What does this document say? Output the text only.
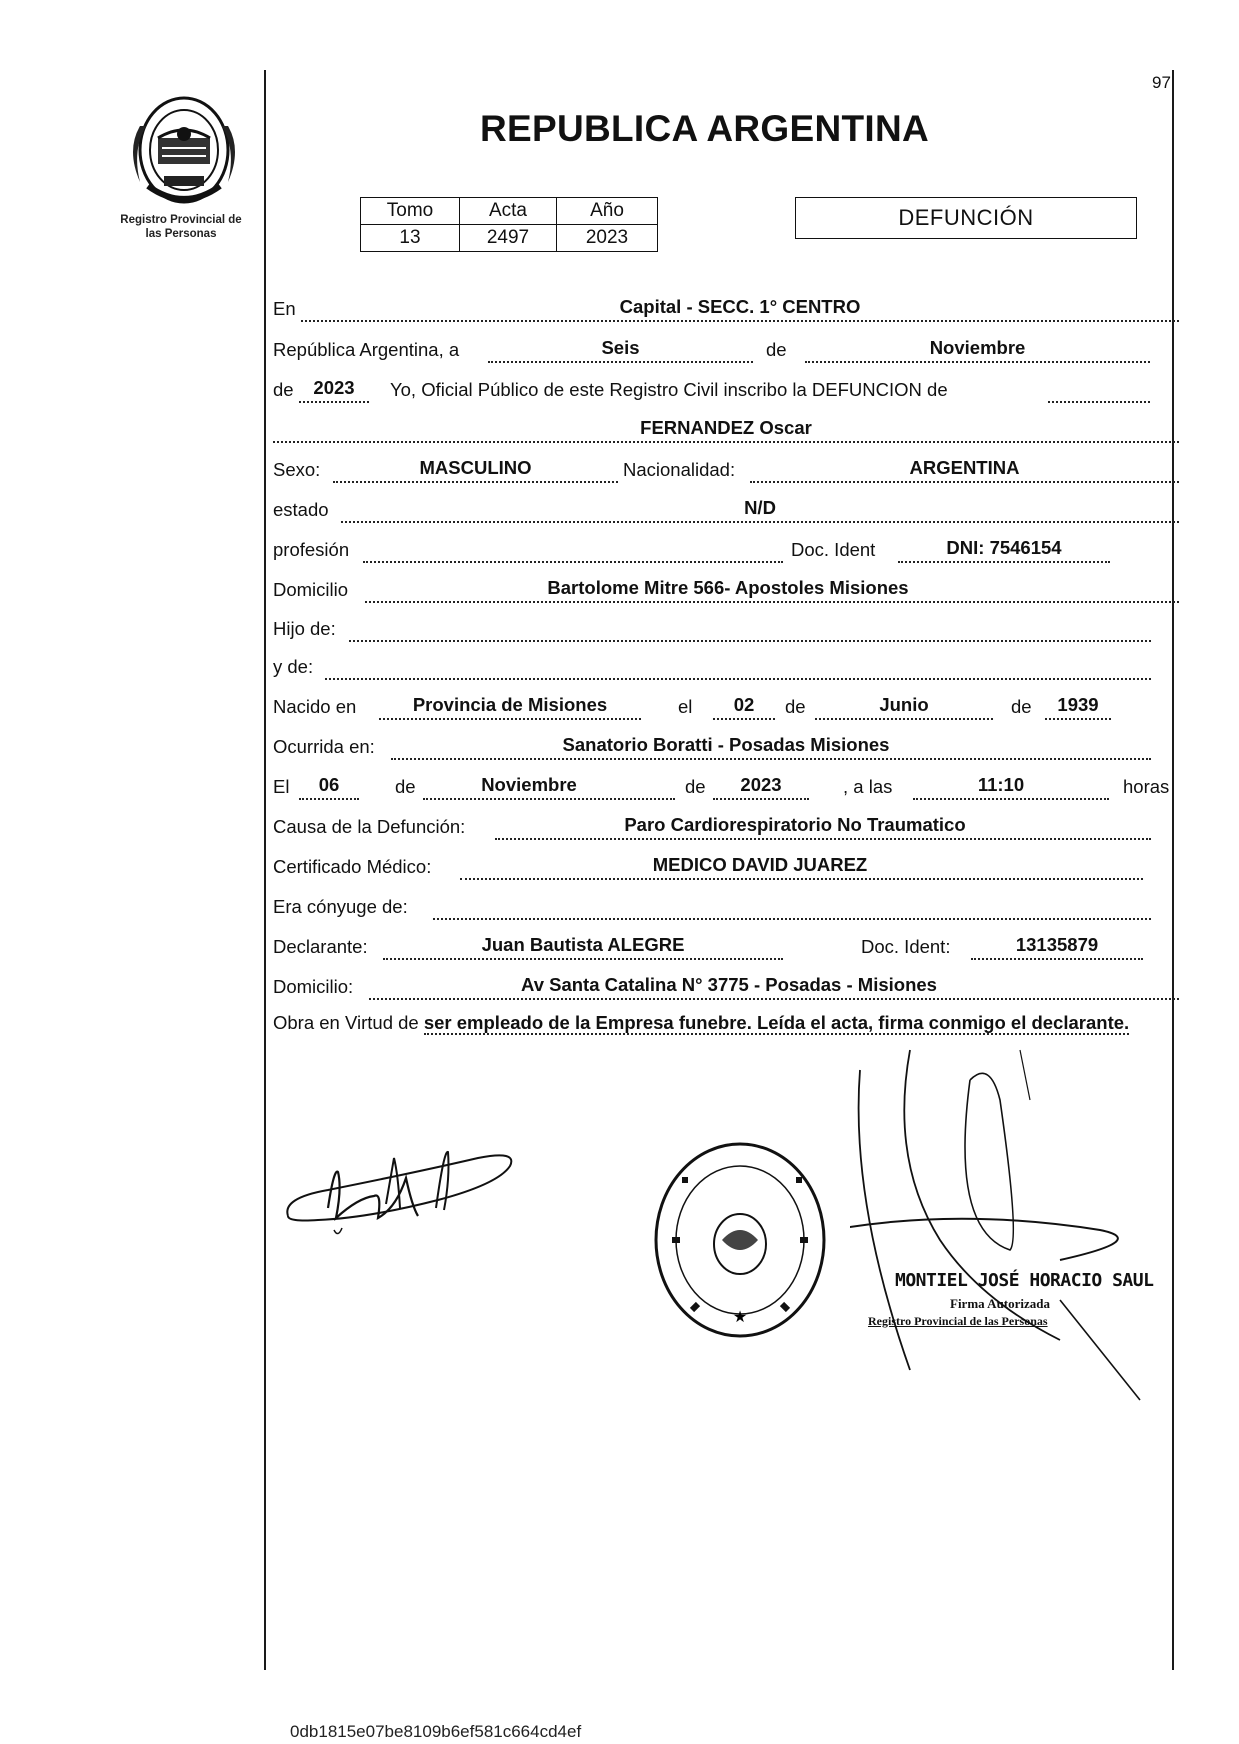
97
REPUBLICA ARGENTINA
Registro Provincial de
las Personas
Tomo	Acta	Año
13	2497	2023
DEFUNCIÓN
En	Capital - SECC. 1° CENTRO
República Argentina, a	Seis	de	Noviembre
de	2023	Yo, Oficial Público de este Registro Civil inscribo la DEFUNCION de
FERNANDEZ Oscar
Sexo:	MASCULINO	Nacionalidad:	ARGENTINA
estado	N/D
profesión	Doc. Ident	DNI: 7546154
Domicilio	Bartolome Mitre 566- Apostoles Misiones
Hijo de:
y de:
Nacido en	Provincia de Misiones	el	02	de	Junio	de	1939
Ocurrida en:	Sanatorio Boratti - Posadas Misiones
El	06	de	Noviembre	de	2023	, a las	11:10	horas
Causa de la Defunción:	Paro Cardiorespiratorio No Traumatico
Certificado Médico:	MEDICO DAVID JUAREZ
Era cónyuge de:
Declarante:	Juan Bautista ALEGRE	Doc. Ident:	13135879
Domicilio:	Av Santa Catalina N° 3775 - Posadas - Misiones
Obra en Virtud de ser empleado de la Empresa funebre. Leída el acta, firma conmigo el declarante.
★
MONTIEL JOSÉ HORACIO SAUL
Firma Autorizada
Registro Provincial de las Personas
0db1815e07be8109b6ef581c664cd4ef
